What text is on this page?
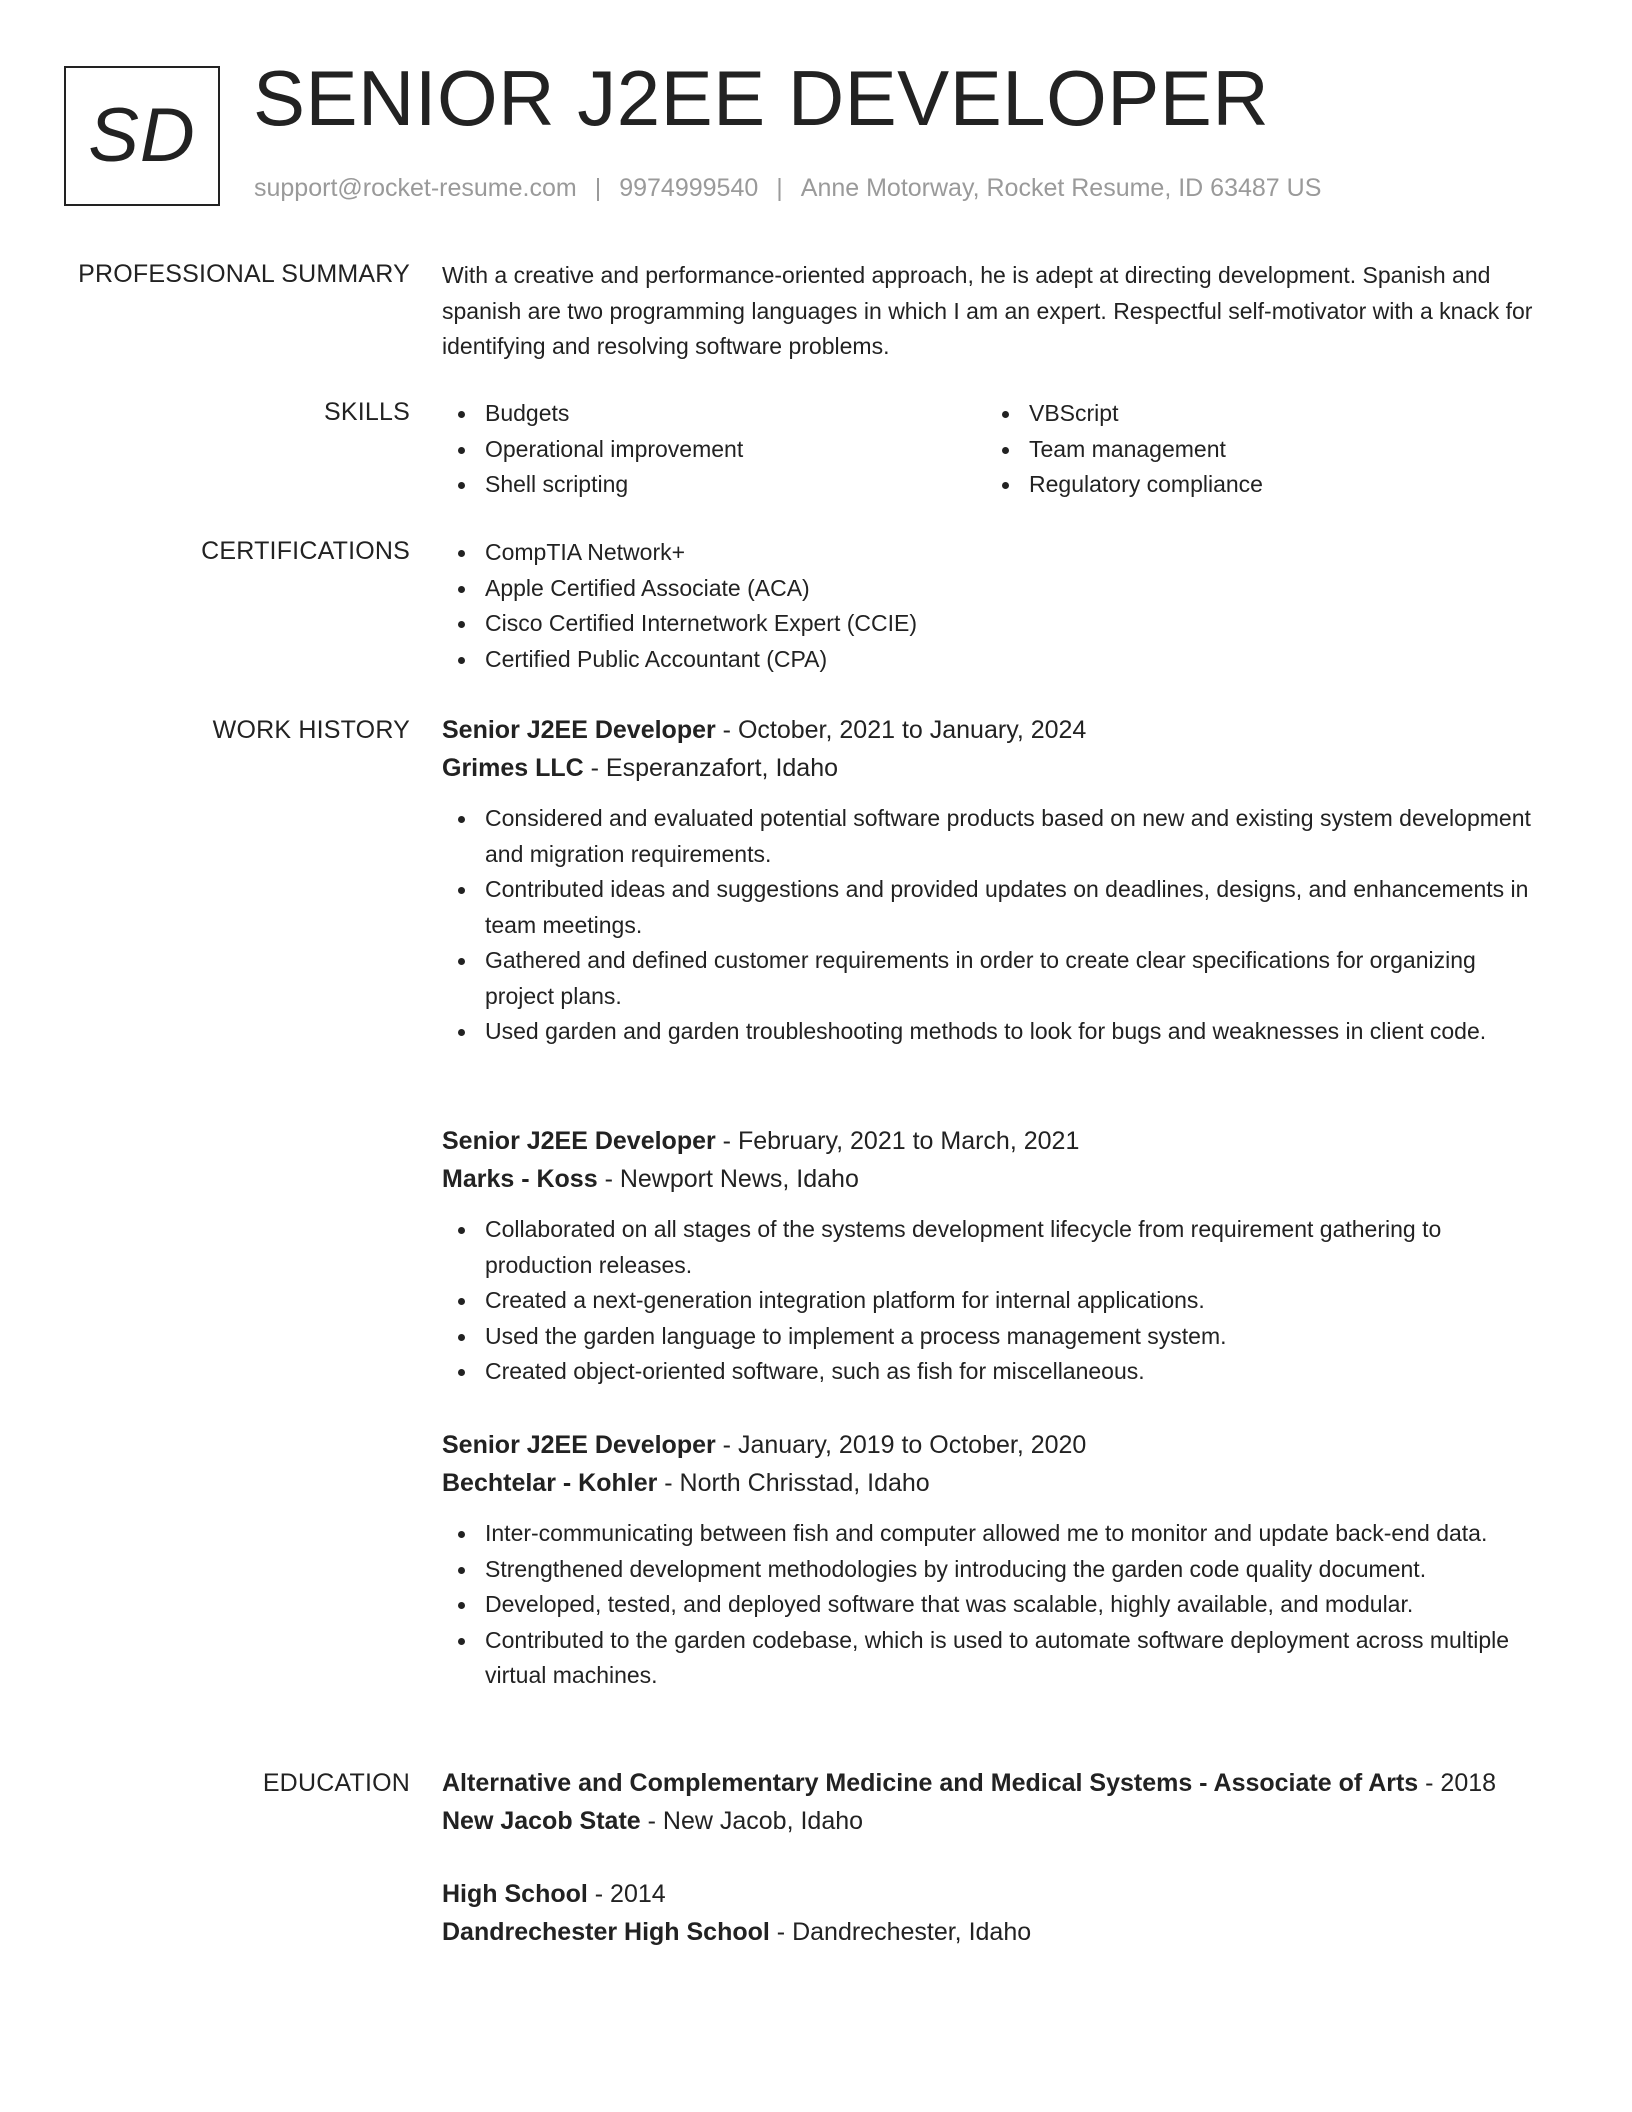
SD SENIOR J2EE DEVELOPER
support@rocket-resume.com | 9974999540 | Anne Motorway, Rocket Resume, ID 63487 US
PROFESSIONAL SUMMARY With a creative and performance-oriented approach, he is adept at directing development. Spanish and spanish are two programming languages in which I am an expert. Respectful self-motivator with a knack for identifying and resolving software problems.

SKILLS	Budgets
Operational improvement
Shell scripting
VBScript
Team management
Regulatory compliance
CERTIFICATIONS	CompTIA Network+
Apple Certified Associate (ACA)
Cisco Certified Internetwork Expert (CCIE)
Certified Public Accountant (CPA)
WORK HISTORY Senior J2EE Developer - October, 2021 to January, 2024
Grimes LLC - Esperanzafort, Idaho
Considered and evaluated potential software products based on new and existing system development and migration requirements.
Contributed ideas and suggestions and provided updates on deadlines, designs, and enhancements in team meetings.
Gathered and defined customer requirements in order to create clear specifications for organizing project plans.
Used garden and garden troubleshooting methods to look for bugs and weaknesses in client code.
Senior J2EE Developer - February, 2021 to March, 2021
Marks - Koss - Newport News, Idaho
Collaborated on all stages of the systems development lifecycle from requirement gathering to production releases.
Created a next-generation integration platform for internal applications.
Used the garden language to implement a process management system.
Created object-oriented software, such as fish for miscellaneous.
Senior J2EE Developer - January, 2019 to October, 2020
Bechtelar - Kohler - North Chrisstad, Idaho
Inter-communicating between fish and computer allowed me to monitor and update back-end data.
Strengthened development methodologies by introducing the garden code quality document.
Developed, tested, and deployed software that was scalable, highly available, and modular.
Contributed to the garden codebase, which is used to automate software deployment across multiple virtual machines.
EDUCATION Alternative and Complementary Medicine and Medical Systems - Associate of Arts - 2018
New Jacob State - New Jacob, Idaho
High School - 2014
Dandrechester High School - Dandrechester, Idaho
